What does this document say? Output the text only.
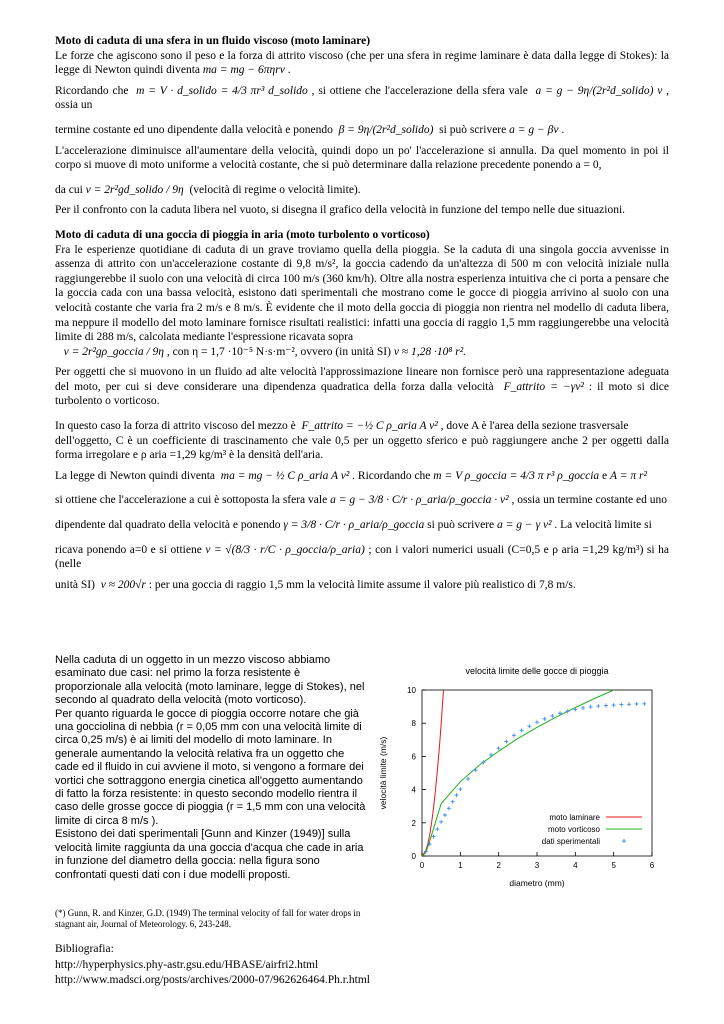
Moto di caduta di una sfera in un fluido viscoso (moto laminare)

Le forze che agiscono sono il peso e la forza di attrito viscoso (che per una sfera in regime laminare è data dalla legge di Stokes): la legge di Newton quindi diventa ma = mg − 6πηrv .

Ricordando che m = V · d_solido = 4/3 πr³ d_solido , si ottiene che l'accelerazione della sfera vale a = g − 9η/(2r²d_solido) v , ossia un

termine costante ed uno dipendente dalla velocità e ponendo β = 9η/(2r²d_solido) si può scrivere a = g − βv .

L'accelerazione diminuisce all'aumentare della velocità, quindi dopo un po' l'accelerazione si annulla. Da quel momento in poi il corpo si muove di moto uniforme a velocità costante, che si può determinare dalla relazione precedente ponendo a = 0,

da cui v = 2r²gd_solido / 9η (velocità di regime o velocità limite).

Per il confronto con la caduta libera nel vuoto, si disegna il grafico della velocità in funzione del tempo nelle due situazioni.

Moto di caduta di una goccia di pioggia in aria (moto turbolento o vorticoso)

Fra le esperienze quotidiane di caduta di un grave troviamo quella della pioggia. Se la caduta di una singola goccia avvenisse in assenza di attrito con un'accelerazione costante di 9,8 m/s², la goccia cadendo da un'altezza di 500 m con velocità iniziale nulla raggiungerebbe il suolo con una velocità di circa 100 m/s (360 km/h). Oltre alla nostra esperienza intuitiva che ci porta a pensare che la goccia cada con una bassa velocità, esistono dati sperimentali che mostrano come le gocce di pioggia arrivino al suolo con una velocità costante che varia fra 2 m/s e 8 m/s. È evidente che il moto della goccia di pioggia non rientra nel modello di caduta libera, ma neppure il modello del moto laminare fornisce risultati realistici: infatti una goccia di raggio 1,5 mm raggiungerebbe una velocità limite di 288 m/s, calcolata mediante l'espressione ricavata sopra

v = 2r²gρ_goccia / 9η , con η = 1,7 ·10⁻⁵ N·s·m⁻², ovvero (in unità SI) v ≈ 1,28 ·10⁸ r².

Per oggetti che si muovono in un fluido ad alte velocità l'approssimazione lineare non fornisce però una rappresentazione adeguata del moto, per cui si deve considerare una dipendenza quadratica della forza dalla velocità F_attrito = −γv² : il moto si dice turbolento o vorticoso.

In questo caso la forza di attrito viscoso del mezzo è F_attrito = −½ C ρ_aria A v² , dove A è l'area della sezione trasversale

dell'oggetto, C è un coefficiente di trascinamento che vale 0,5 per un oggetto sferico e può raggiungere anche 2 per oggetti dalla forma irregolare e ρ aria =1,29 kg/m³ è la densità dell'aria.

La legge di Newton quindi diventa ma = mg − ½ C ρ_aria A v² . Ricordando che m = V ρ_goccia = 4/3 π r³ ρ_goccia e A = π r²

si ottiene che l'accelerazione a cui è sottoposta la sfera vale a = g − 3/8 · C/r · ρ_aria/ρ_goccia · v² , ossia un termine costante ed uno

dipendente dal quadrato della velocità e ponendo γ = 3/8 · C/r · ρ_aria/ρ_goccia si può scrivere a = g − γ v² . La velocità limite si

ricava ponendo a=0 e si ottiene v = √(8/3 · r/C · ρ_goccia/ρ_aria) ; con i valori numerici usuali (C=0,5 e ρ aria =1,29 kg/m³) si ha (nelle

unità SI) v ≈ 200√r : per una goccia di raggio 1,5 mm la velocità limite assume il valore più realistico di 7,8 m/s.

Nella caduta di un oggetto in un mezzo viscoso abbiamo esaminato due casi: nel primo la forza resistente è proporzionale alla velocità (moto laminare, legge di Stokes), nel secondo al quadrato della velocità (moto vorticoso).

Per quanto riguarda le gocce di pioggia occorre notare che già una gocciolina di nebbia (r = 0,05 mm con una velocità limite di circa 0,25 m/s) è ai limiti del modello di moto laminare. In generale aumentando la velocità relativa fra un oggetto che cade ed il fluido in cui avviene il moto, si vengono a formare dei vortici che sottraggono energia cinetica all'oggetto aumentando di fatto la forza resistente: in questo secondo modello rientra il caso delle grosse gocce di pioggia (r = 1,5 mm con una velocità limite di circa 8 m/s ).

Esistono dei dati sperimentali [Gunn and Kinzer (1949)] sulla velocità limite raggiunta da una goccia d'acqua che cade in aria in funzione del diametro della goccia: nella figura sono confrontati questi dati con i due modelli proposti.

(*) Gunn, R. and Kinzer, G.D. (1949) The terminal velocity of fall for water drops in stagnant air, Journal of Meteorology. 6, 243-248.
Bibliografia:
http://hyperphysics.phy-astr.gsu.edu/HBASE/airfri2.html
http://www.madsci.org/posts/archives/2000-07/962626464.Ph.r.html
velocità limite delle gocce di pioggia
0	1	2	3	4	5	6
0
2
4
6
8
10
diametro (mm)
velocità limite (m/s)
moto laminare
moto vorticoso
dati sperimentali
